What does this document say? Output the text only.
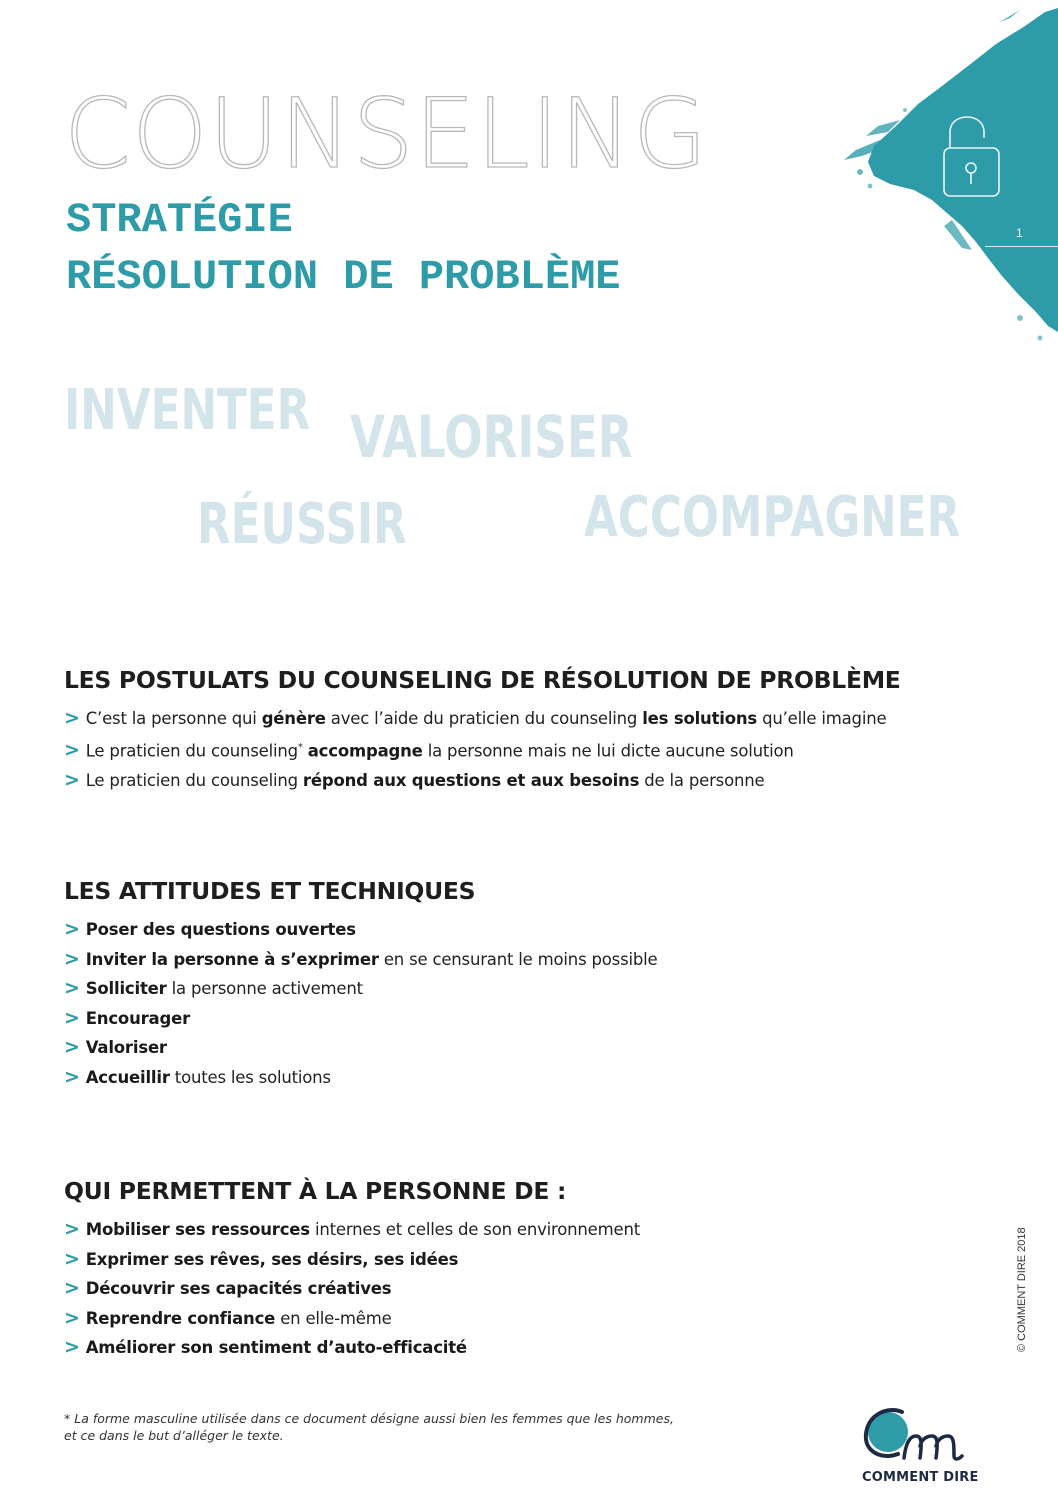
1
COUNSELING
STRATÉGIE
RÉSOLUTION DE PROBLÈME
INVENTER VALORISER
RÉUSSIR	ACCOMPAGNER
LES POSTULATS DU COUNSELING DE RÉSOLUTION DE PROBLÈME
> C’est la personne qui génère avec l’aide du praticien du counseling les solutions qu’elle imagine
> Le praticien du counseling* accompagne la personne mais ne lui dicte aucune solution
> Le praticien du counseling répond aux questions et aux besoins de la personne
LES ATTITUDES ET TECHNIQUES
> Poser des questions ouvertes
> Inviter la personne à s’exprimer en se censurant le moins possible
> Solliciter la personne activement
> Encourager
> Valoriser
> Accueillir toutes les solutions
QUI PERMETTENT À LA PERSONNE DE :
> Mobiliser ses ressources internes et celles de son environnement
> Exprimer ses rêves, ses désirs, ses idées
> Découvrir ses capacités créatives
> Reprendre confiance en elle-même
> Améliorer son sentiment d’auto-efficacité

* La forme masculine utilisée dans ce document désigne aussi bien les femmes que les hommes,
et ce dans le but d’alléger le texte.

© COMMENT DIRE 2018
COMMENT DIRE
